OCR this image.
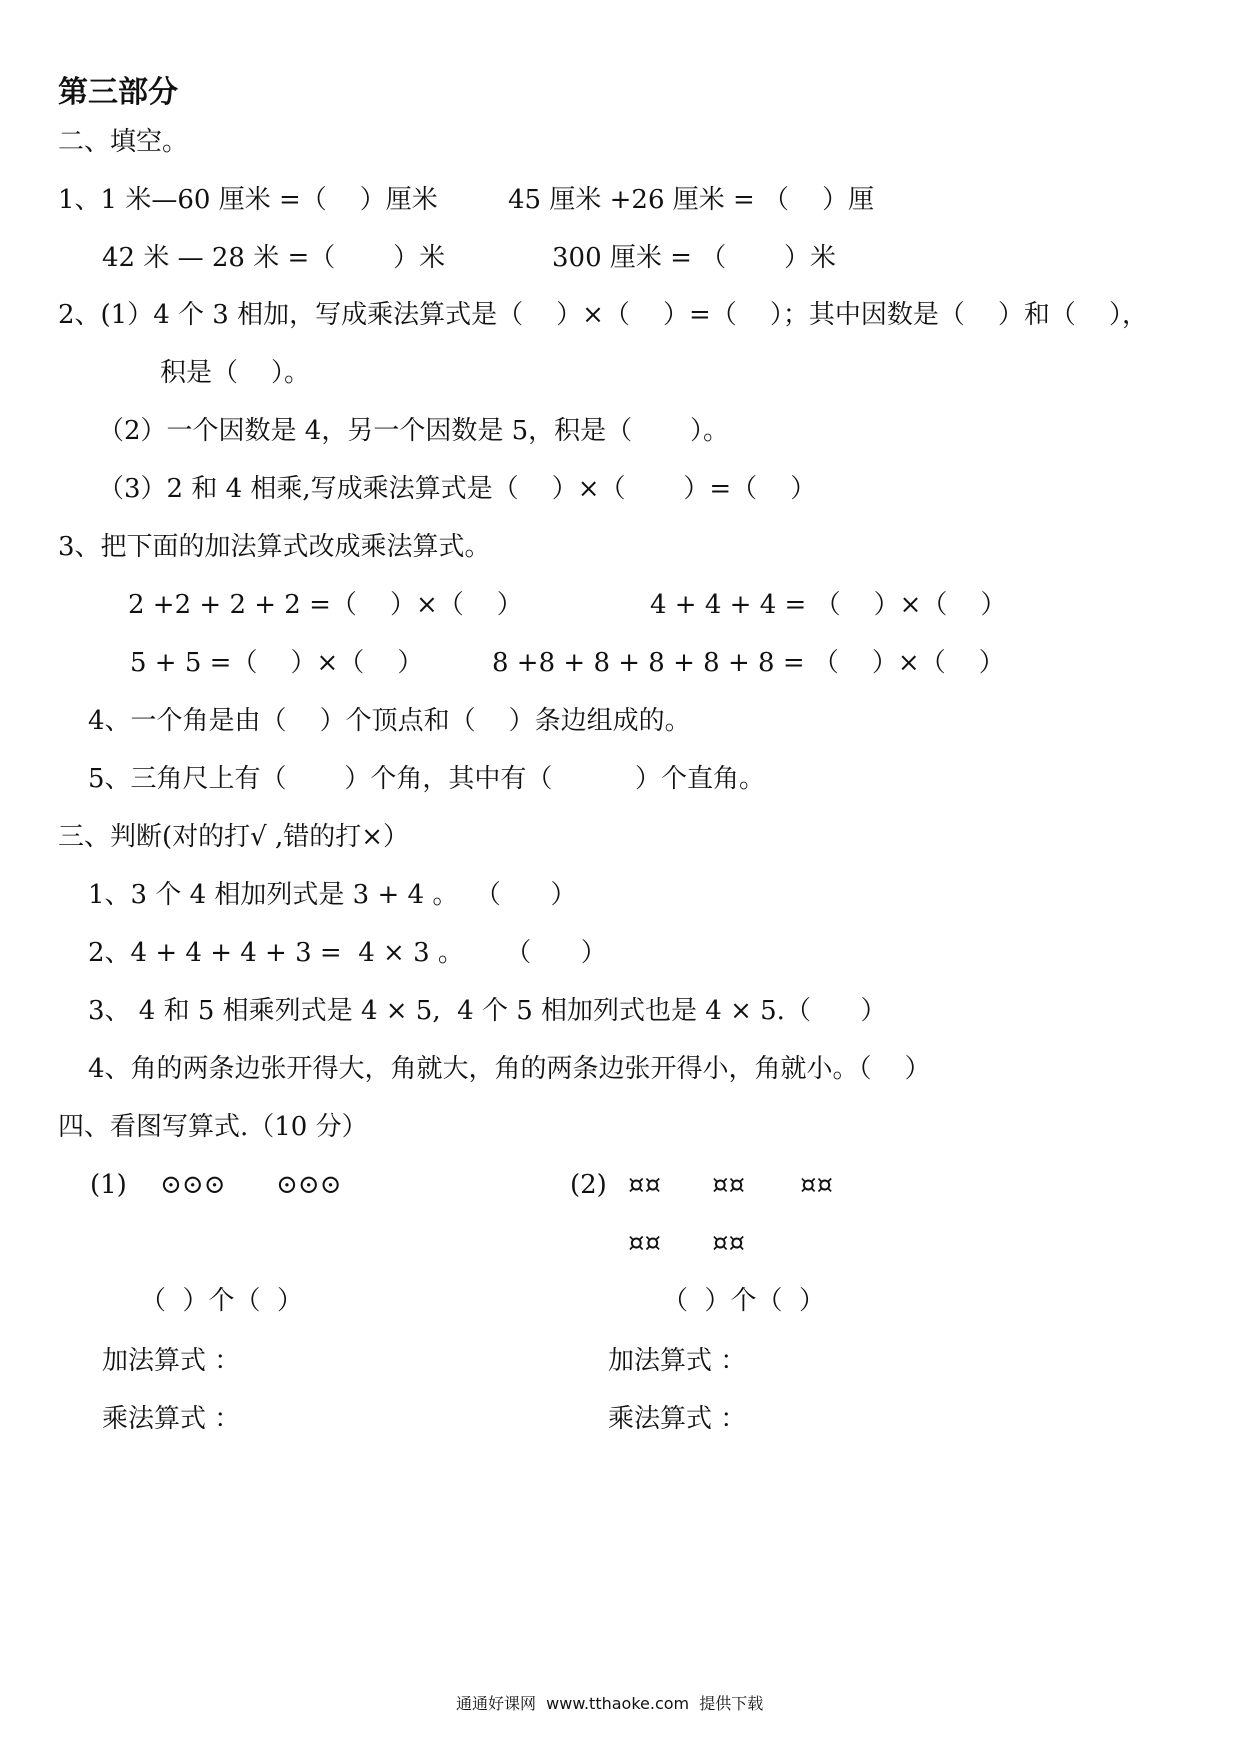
第三部分
二、填空。
1、1 米—60 厘米 =（    ）厘米	45 厘米 +26 厘米 = （    ）厘
42 米 — 28 米 =（       ）米	300 厘米 = （       ）米
2、(1）4 个 3 相加，写成乘法算式是（    ）×（    ）=（    ）；其中因数是（    ）和（    ），
积是（    ）。
（2）一个因数是 4，另一个因数是 5，积是（       ）。
（3）2 和 4 相乘,写成乘法算式是（    ）×（       ）=（    ）
3、把下面的加法算式改成乘法算式。
2 +2 + 2 + 2 =（    ）×（    ）	4 + 4 + 4 = （    ）×（    ）
5 + 5 =（    ）×（    ）	8 +8 + 8 + 8 + 8 + 8 = （    ）×（    ）
4、一个角是由（    ）个顶点和（    ）条边组成的。
5、三角尺上有（       ）个角，其中有（          ）个直角。
三、判断(对的打√ ,错的打×）
1、3 个 4 相加列式是 3 + 4 。  （      ）
2、4 + 4 + 4 + 3 =  4 × 3 。     （      ）
3、 4 和 5 相乘列式是 4 × 5,  4 个 5 相加列式也是 4 × 5.（      ）
4、角的两条边张开得大，角就大，角的两条边张开得小，角就小。（    ）
四、看图写算式.（10 分）
(1) ⊙⊙⊙ ⊙⊙⊙	(2) ¤¤ ¤¤ ¤¤
¤¤ ¤¤
（  ）个（  ）	（  ）个（  ）
加法算式 ：	加法算式 ：
乘法算式 ：	乘法算式 ：
通通好课网  www.tthaoke.com  提供下载
